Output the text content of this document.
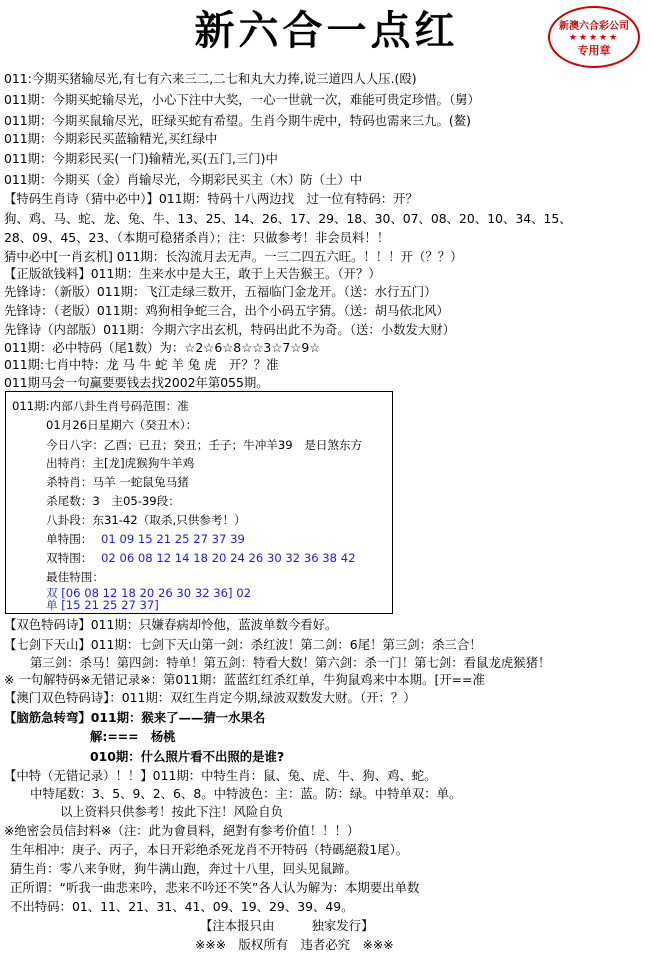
新六合一点红	新澳六合彩公司
★★★★★
专用章
011:今期买猪输尽光,有七有六来三二,二七和丸大力捧,说三道四人人压.(殴)
011期：今期买蛇输尽光，小心下注中大奖，一心一世就一次，难能可贵定珍惜。（舅）
011期：今期买鼠输尽光，旺绿买蛇有希望。生肖今期牛虎中，特码也需来三九。(鳌)
011期：今期彩民买蓝输精光,买红绿中
011期：今期彩民买(一门)输精光,买(五门,三门)中
011期：今期买（金）肖输尽光，今期彩民买主（木）防（土）中
【特码生肖诗（猜中必中）】011期：特码十八两边找　过一位有特码：开？
狗、鸡、马、蛇、龙、兔、牛、13、25、14、26、17、29、18、30、07、08、20、10、34、15、
28、09、45、23、（本期可稳猪杀肖）；注：只做参考！非会员料！！
猜中必中[一肖玄机] 011期：长沟流月去无声。一三二四五六旺。！！！开（？？）
【正版欲钱料】011期：生来水中是大王，敢于上天告猴王。（开？）
先锋诗：（新版）011期：飞江走绿三数开，五福临门金龙开。（送：水行五门）
先锋诗：（老版）011期：鸡狗相争蛇三合，出个小码五字猜。（送：胡马依北风）
先锋诗（内部版）011期：今期六字出玄机，特码出此不为奇。（送：小数发大财）
011期：必中特码（尾1数）为：☆2☆6☆8☆☆3☆7☆9☆
011期:七肖中特：龙 马 牛 蛇 羊 兔 虎　开？？准
011期马会一句赢要要钱去找2002年第055期。
011期:内部八卦生肖号码范围：准
01月26日星期六（癸丑木）：
今日八字：乙酉；已丑；癸丑；壬子；牛冲羊39　是日煞东方
出特肖：主[龙]虎猴狗牛羊鸡
杀特肖：马羊 一蛇鼠兔马猪
杀尾数：3　主05-39段：
八卦段：东31-42（取杀,只供参考！）
单特围： 01 09 15 21 25 27 37 39
双特围： 02 06 08 12 14 18 20 24 26 30 32 36 38 42
最佳特围：
双 [06 08 12 18 20 26 30 32 36] 02
单 [15 21 25 27 37]
【双色特码诗】011期：只嫌春病却怜他，蓝波单数今看好。
【七剑下天山】011期：七剑下天山第一剑：杀红波！第二剑：6尾！第三剑：杀三合！
第三剑：杀马！第四剑：特单！第五剑：特看大数！第六剑：杀一门！第七剑：看鼠龙虎猴猪！
※ 一句解特码※无错记录※：第011期：蓝蓝红红杀红单，牛狗鼠鸡来中本期。[开==准
【澳门双色特码诗】：011期：双红生肖定今期,绿波双数发大财。（开：？）
【脑筋急转弯】011期：猴来了——猜一水果名
解:===　杨桃
010期：什么照片看不出照的是谁?
【中特（无错记录）！！】011期：中特生肖：鼠、兔、虎、牛、狗、鸡、蛇。
中特尾数：3、5、9、2、6、8。中特波色：主：蓝。防：绿。中特单双：单。
以上资料只供参考！按此下注！风险自负
※绝密会员信封料※（注：此为會員料，絕對有参考价值！！！）
生年相冲：庚子、丙子，本日开彩绝杀死龙肖不开特码（特碼絕殺1尾）。
猜生肖：零八来争财，狗牛满山跑，奔过十八里，回头见鼠蹄。
正所谓：“听我一曲悲来吟，悲来不吟还不笑”各人认为解为：本期要出单数
不出特码：01、11、21、31、41、09、19、29、39、49。
【注本报只由　　　独家发行】
※※※　版权所有　违者必究　※※※
